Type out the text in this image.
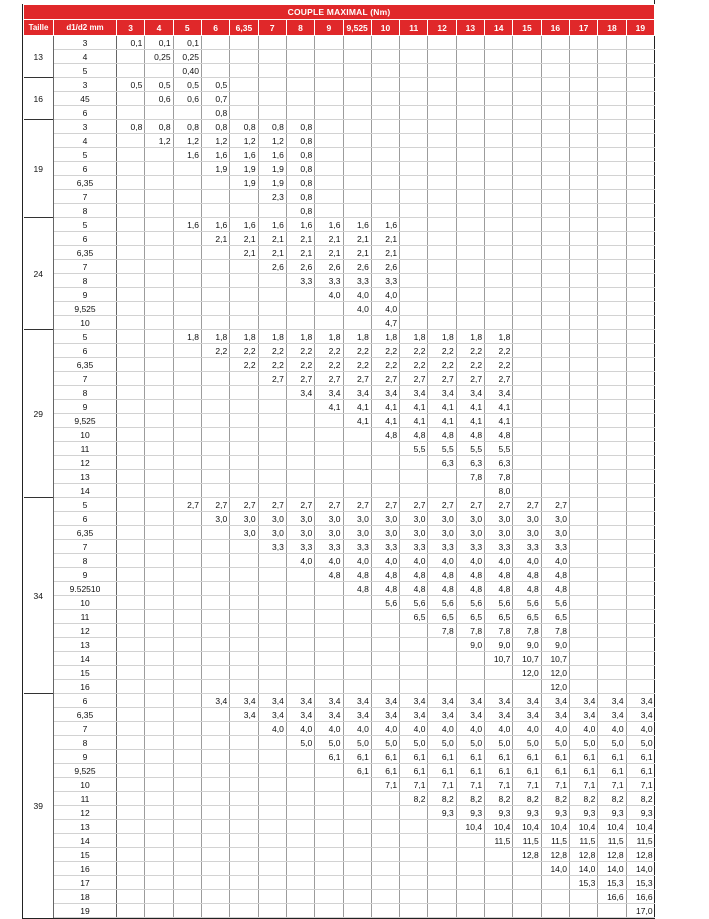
COUPLE MAXIMAL (Nm)																				
Taille	d1/d2 mm	3	4	5	6	6,35	7	8	9	9,525	10	11	12	13	14	15	16	17	18	19
13	3	0,1	0,1	0,1																
	4		0,25	0,25																
	5			0,40																
16	3	0,5	0,5	0,5	0,5															
	45		0,6	0,6	0,7															
	6				0,8															
19	3	0,8	0,8	0,8	0,8	0,8	0,8	0,8												
	4		1,2	1,2	1,2	1,2	1,2	0,8												
	5			1,6	1,6	1,6	1,6	0,8												
	6				1,9	1,9	1,9	0,8												
	6,35					1,9	1,9	0,8												
	7						2,3	0,8												
	8							0,8												
24	5			1,6	1,6	1,6	1,6	1,6	1,6	1,6	1,6									
	6				2,1	2,1	2,1	2,1	2,1	2,1	2,1									
	6,35					2,1	2,1	2,1	2,1	2,1	2,1									
	7						2,6	2,6	2,6	2,6	2,6									
	8							3,3	3,3	3,3	3,3									
	9								4,0	4,0	4,0									
	9,525									4,0	4,0									
	10										4,7									
29	5			1,8	1,8	1,8	1,8	1,8	1,8	1,8	1,8	1,8	1,8	1,8	1,8					
	6				2,2	2,2	2,2	2,2	2,2	2,2	2,2	2,2	2,2	2,2	2,2					
	6,35					2,2	2,2	2,2	2,2	2,2	2,2	2,2	2,2	2,2	2,2					
	7						2,7	2,7	2,7	2,7	2,7	2,7	2,7	2,7	2,7					
	8							3,4	3,4	3,4	3,4	3,4	3,4	3,4	3,4					
	9								4,1	4,1	4,1	4,1	4,1	4,1	4,1					
	9,525									4,1	4,1	4,1	4,1	4,1	4,1					
	10										4,8	4,8	4,8	4,8	4,8					
	11											5,5	5,5	5,5	5,5					
	12												6,3	6,3	6,3					
	13													7,8	7,8					
	14														8,0					
34	5			2,7	2,7	2,7	2,7	2,7	2,7	2,7	2,7	2,7	2,7	2,7	2,7	2,7	2,7			
	6				3,0	3,0	3,0	3,0	3,0	3,0	3,0	3,0	3,0	3,0	3,0	3,0	3,0			
	6,35					3,0	3,0	3,0	3,0	3,0	3,0	3,0	3,0	3,0	3,0	3,0	3,0			
	7						3,3	3,3	3,3	3,3	3,3	3,3	3,3	3,3	3,3	3,3	3,3			
	8							4,0	4,0	4,0	4,0	4,0	4,0	4,0	4,0	4,0	4,0			
	9								4,8	4,8	4,8	4,8	4,8	4,8	4,8	4,8	4,8			
	9.52510									4,8	4,8	4,8	4,8	4,8	4,8	4,8	4,8			
	10										5,6	5,6	5,6	5,6	5,6	5,6	5,6			
	11											6,5	6,5	6,5	6,5	6,5	6,5			
	12												7,8	7,8	7,8	7,8	7,8			
	13													9,0	9,0	9,0	9,0			
	14														10,7	10,7	10,7			
	15															12,0	12,0			
	16																12,0			
39	6				3,4	3,4	3,4	3,4	3,4	3,4	3,4	3,4	3,4	3,4	3,4	3,4	3,4	3,4	3,4	3,4
	6,35					3,4	3,4	3,4	3,4	3,4	3,4	3,4	3,4	3,4	3,4	3,4	3,4	3,4	3,4	3,4
	7						4,0	4,0	4,0	4,0	4,0	4,0	4,0	4,0	4,0	4,0	4,0	4,0	4,0	4,0
	8							5,0	5,0	5,0	5,0	5,0	5,0	5,0	5,0	5,0	5,0	5,0	5,0	5,0
	9								6,1	6,1	6,1	6,1	6,1	6,1	6,1	6,1	6,1	6,1	6,1	6,1
	9,525									6,1	6,1	6,1	6,1	6,1	6,1	6,1	6,1	6,1	6,1	6,1
	10										7,1	7,1	7,1	7,1	7,1	7,1	7,1	7,1	7,1	7,1
	11											8,2	8,2	8,2	8,2	8,2	8,2	8,2	8,2	8,2
	12												9,3	9,3	9,3	9,3	9,3	9,3	9,3	9,3
	13													10,4	10,4	10,4	10,4	10,4	10,4	10,4
	14														11,5	11,5	11,5	11,5	11,5	11,5
	15															12,8	12,8	12,8	12,8	12,8
	16																14,0	14,0	14,0	14,0
	17																	15,3	15,3	15,3
	18																		16,6	16,6
	19																			17,0
